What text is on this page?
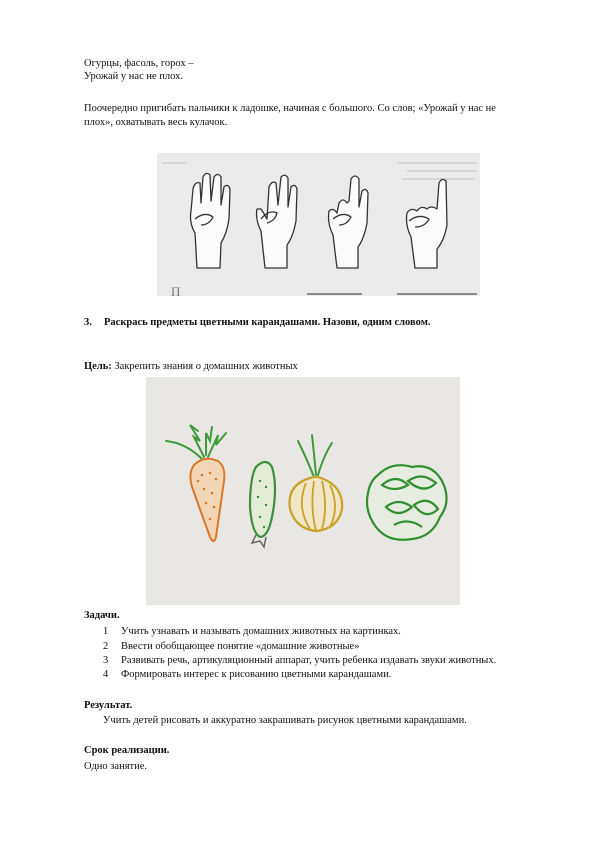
Огурцы, фасоль, горох –
Урожай у нас не плох.
Поочередно пригибать пальчики к ладошке, начиная с большого. Со слов; «Урожай у нас не
плох», охватывать весь кулачок.
П
3. Раскрась предметы цветными карандашами. Назови, одним словом.
Цель: Закрепить знания о домашних животных
Задачи.
1 Учить узнавать и называть домашних животных на картинках.
2 Ввести обобщающее понятие «домашние животные»
3 Развивать речь, артикуляционный аппарат, учить ребенка издавать звуки животных.
4 Формировать интерес к рисованию цветными карандашами.
Результат.
Учить детей рисовать и аккуратно закрашивать рисунок цветными карандашами.
Срок реализации.
Одно занятие.
